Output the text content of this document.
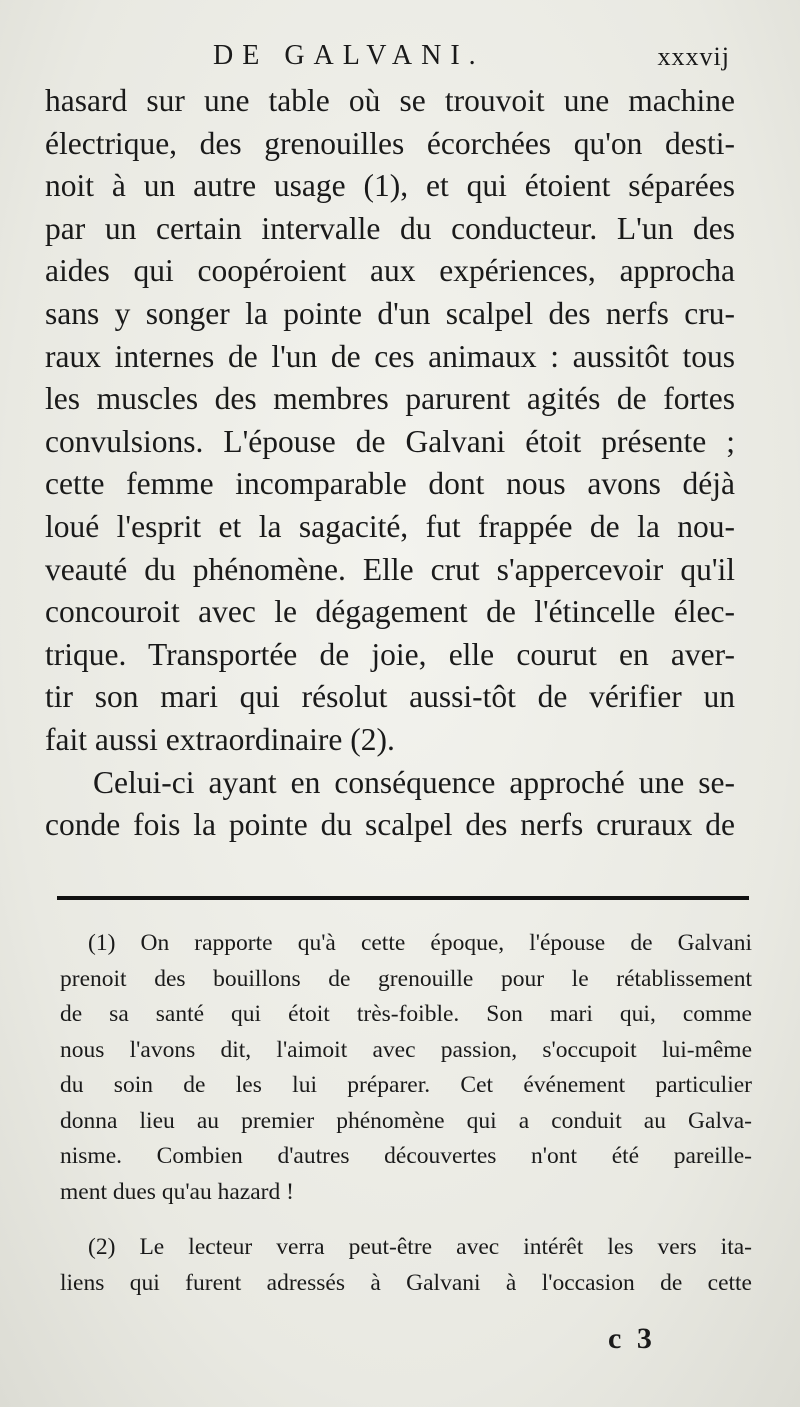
DE GALVANI.	xxxvij
hasard sur une table où se trouvoit une machine
électrique, des grenouilles écorchées qu'on desti-
noit à un autre usage (1), et qui étoient séparées
par un certain intervalle du conducteur. L'un des
aides qui coopéroient aux expériences, approcha
sans y songer la pointe d'un scalpel des nerfs cru-
raux internes de l'un de ces animaux : aussitôt tous
les muscles des membres parurent agités de fortes
convulsions. L'épouse de Galvani étoit présente ;
cette femme incomparable dont nous avons déjà
loué l'esprit et la sagacité, fut frappée de la nou-
veauté du phénomène. Elle crut s'appercevoir qu'il
concouroit avec le dégagement de l'étincelle élec-
trique. Transportée de joie, elle courut en aver-
tir son mari qui résolut aussi-tôt de vérifier un
fait aussi extraordinaire (2).
Celui-ci ayant en conséquence approché une se-
conde fois la pointe du scalpel des nerfs cruraux de
(1) On rapporte qu'à cette époque, l'épouse de Galvani
prenoit des bouillons de grenouille pour le rétablissement
de sa santé qui étoit très-foible. Son mari qui, comme
nous l'avons dit, l'aimoit avec passion, s'occupoit lui-même
du soin de les lui préparer. Cet événement particulier
donna lieu au premier phénomène qui a conduit au Galva-
nisme. Combien d'autres découvertes n'ont été pareille-
ment dues qu'au hazard !
(2) Le lecteur verra peut-être avec intérêt les vers ita-
liens qui furent adressés à Galvani à l'occasion de cette
c 3
